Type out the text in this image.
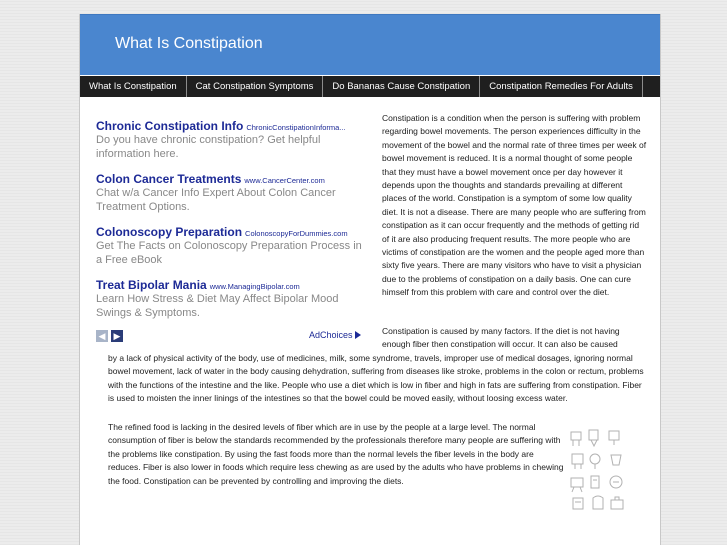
What Is Constipation
What Is Constipation	Cat Constipation Symptoms	Do Bananas Cause Constipation	Constipation Remedies For Adults
Chronic Constipation Info ChronicConstipationInforma...
Do you have chronic constipation? Get helpful information here.
Colon Cancer Treatments www.CancerCenter.com
Chat w/a Cancer Info Expert About Colon Cancer Treatment Options.
Colonoscopy Preparation ColonoscopyForDummies.com
Get The Facts on Colonoscopy Preparation Process in a Free eBook
Treat Bipolar Mania www.ManagingBipolar.com
Learn How Stress & Diet May Affect Bipolar Mood Swings & Symptoms.
◀ ▶	AdChoices
Constipation is a condition when the person is suffering with problem regarding bowel movements. The person experiences difficulty in the movement of the bowel and the normal rate of three times per week of bowel movement is reduced. It is a normal thought of some people that they must have a bowel movement once per day however it depends upon the thoughts and standards prevailing at different places of the world. Constipation is a symptom of some low quality diet. It is not a disease. There are many people who are suffering from constipation as it can occur frequently and the methods of getting rid of it are also producing frequent results. The more people who are victims of constipation are the women and the people aged more than sixty five years. There are many visitors who have to visit a physician due to the problems of constipation on a daily basis. One can cure himself from this problem with care and control over the diet.
Constipation is caused by many factors. If the diet is not having enough fiber then constipation will occur. It can also be caused
by a lack of physical activity of the body, use of medicines, milk, some syndrome, travels, improper use of medical dosages, ignoring normal bowel movement, lack of water in the body causing dehydration, suffering from diseases like stroke, problems in the colon or rectum, problems with the functions of the intestine and the like. People who use a diet which is low in fiber and high in fats are suffering from constipation. Fiber is used to moisten the inner linings of the intestines so that the bowel could be moved easily, without loosing excess water.
The refined food is lacking in the desired levels of fiber which are in use by the people at a large level. The normal consumption of fiber is below the standards recommended by the professionals therefore many people are suffering with the problems like constipation. By using the fast foods more than the normal levels the fiber levels in the body are reduces. Fiber is also lower in foods which require less chewing as are used by the adults who have problems in chewing the food. Constipation can be prevented by controlling and improving the diets.
